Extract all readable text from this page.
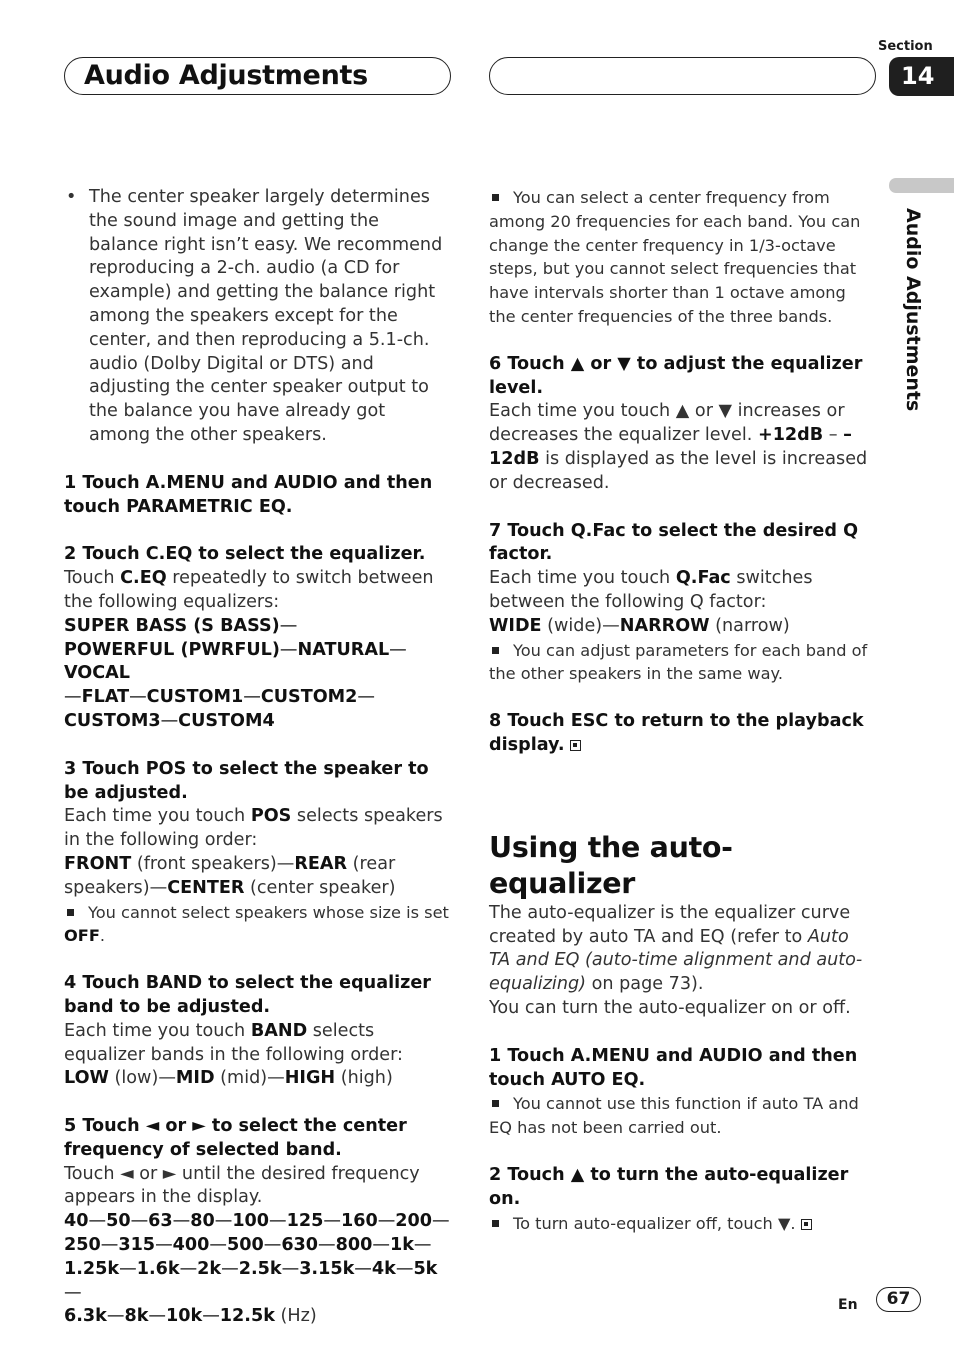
Audio Adjustments
Section
14
Audio Adjustments

• The center speaker largely determines the sound image and getting the balance right isn’t easy. We recommend reproducing a 2-ch. audio (a CD for example) and getting the balance right among the speakers except for the center, and then reproducing a 5.1-ch. audio (Dolby Digital or DTS) and adjusting the center speaker output to the balance you have already got among the other speakers.

1 Touch A.MENU and AUDIO and then touch PARAMETRIC EQ.

2 Touch C.EQ to select the equalizer.

Touch C.EQ repeatedly to switch between the following equalizers:

SUPER BASS (S BASS)—
POWERFUL (PWRFUL)—NATURAL—VOCAL
—FLAT—CUSTOM1—CUSTOM2—
CUSTOM3—CUSTOM4

3 Touch POS to select the speaker to be adjusted.

Each time you touch POS selects speakers in the following order:

FRONT (front speakers)—REAR (rear speakers)—CENTER (center speaker)

You cannot select speakers whose size is set OFF.

4 Touch BAND to select the equalizer band to be adjusted.

Each time you touch BAND selects equalizer bands in the following order:

LOW (low)—MID (mid)—HIGH (high)

5 Touch ◄ or ► to select the center frequency of selected band.

Touch ◄ or ► until the desired frequency appears in the display.

40—50—63—80—100—125—160—200—
250—315—400—500—630—800—1k—
1.25k—1.6k—2k—2.5k—3.15k—4k—5k—
6.3k—8k—10k—12.5k (Hz)

You can select a center frequency from among 20 frequencies for each band. You can change the center frequency in 1/3-octave steps, but you cannot select frequencies that have intervals shorter than 1 octave among the center frequencies of the three bands.

6 Touch ▲ or ▼ to adjust the equalizer level.

Each time you touch ▲ or ▼ increases or decreases the equalizer level. +12dB – –12dB is displayed as the level is increased or decreased.

7 Touch Q.Fac to select the desired Q factor.

Each time you touch Q.Fac switches between the following Q factor:

WIDE (wide)—NARROW (narrow)

You can adjust parameters for each band of the other speakers in the same way.

8 Touch ESC to return to the playback display.

Using the auto-equalizer

The auto-equalizer is the equalizer curve created by auto TA and EQ (refer to Auto TA and EQ (auto-time alignment and auto-equalizing) on page 73).

You can turn the auto-equalizer on or off.

1 Touch A.MENU and AUDIO and then touch AUTO EQ.

You cannot use this function if auto TA and EQ has not been carried out.

2 Touch ▲ to turn the auto-equalizer on.

To turn auto-equalizer off, touch ▼.

En	67
